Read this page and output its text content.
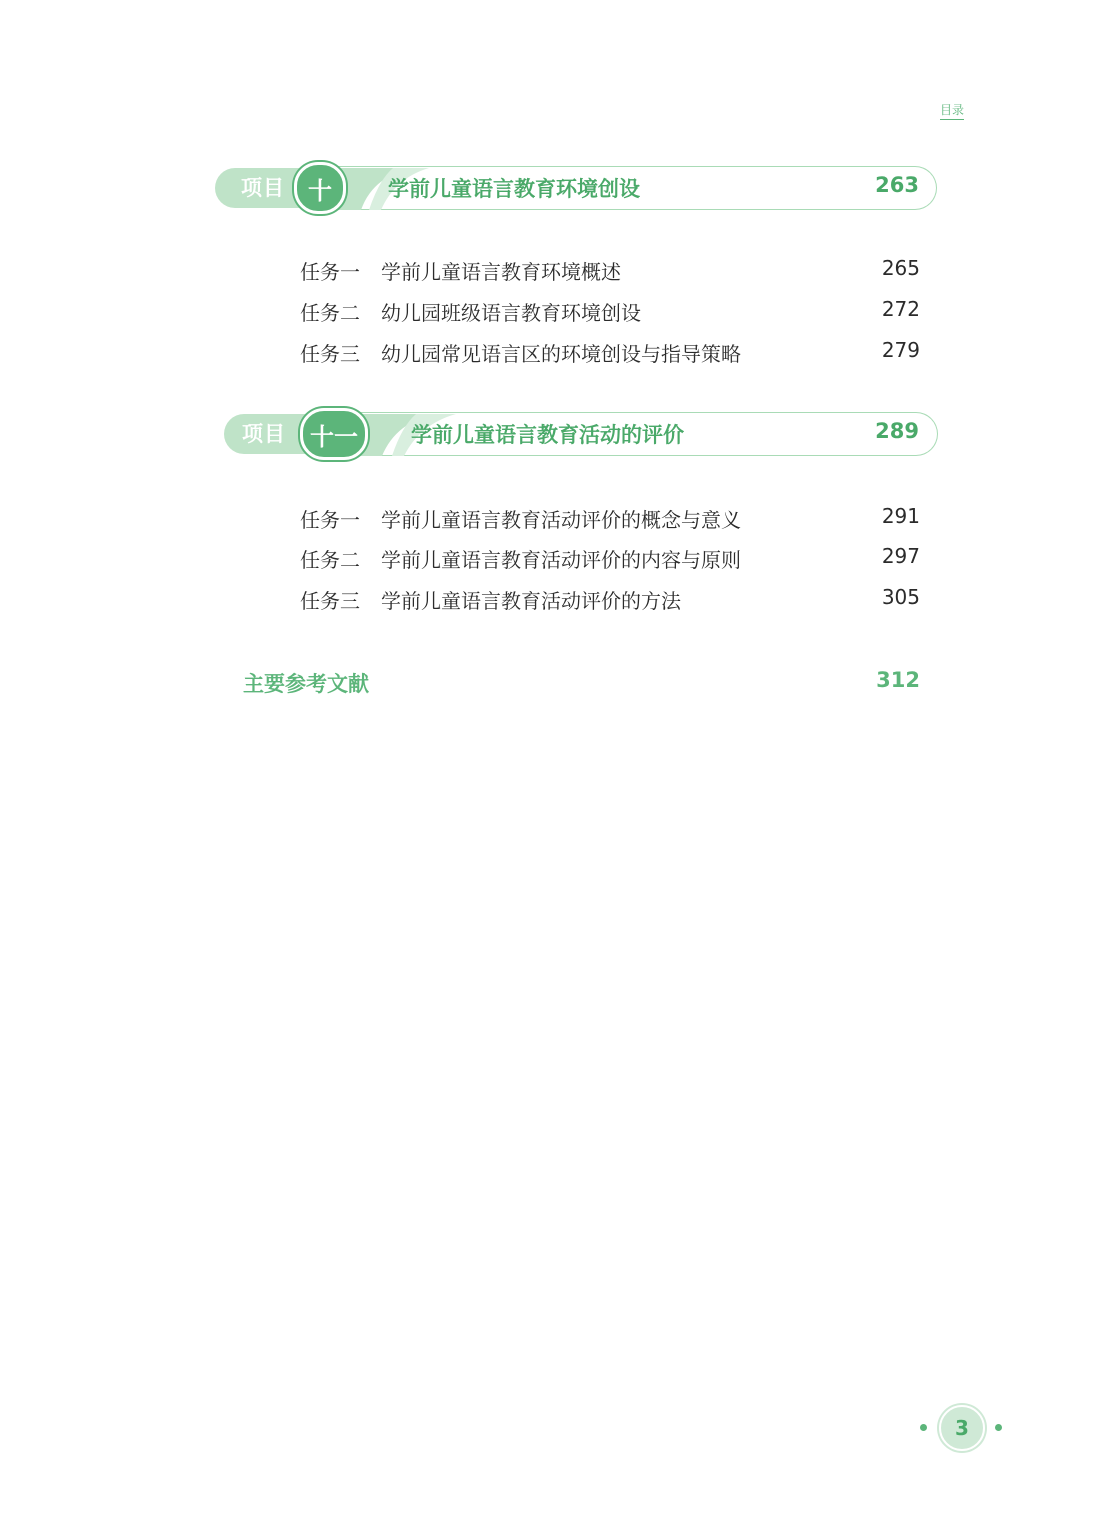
目录
项目 十	学前儿童语言教育环境创设	263
任务一 学前儿童语言教育环境概述	265
任务二 幼儿园班级语言教育环境创设	272
任务三 幼儿园常见语言区的环境创设与指导策略	279
项目	十一	学前儿童语言教育活动的评价	289
任务一 学前儿童语言教育活动评价的概念与意义	291
任务二 学前儿童语言教育活动评价的内容与原则	297
任务三 学前儿童语言教育活动评价的方法	305
主要参考文献	312
3
